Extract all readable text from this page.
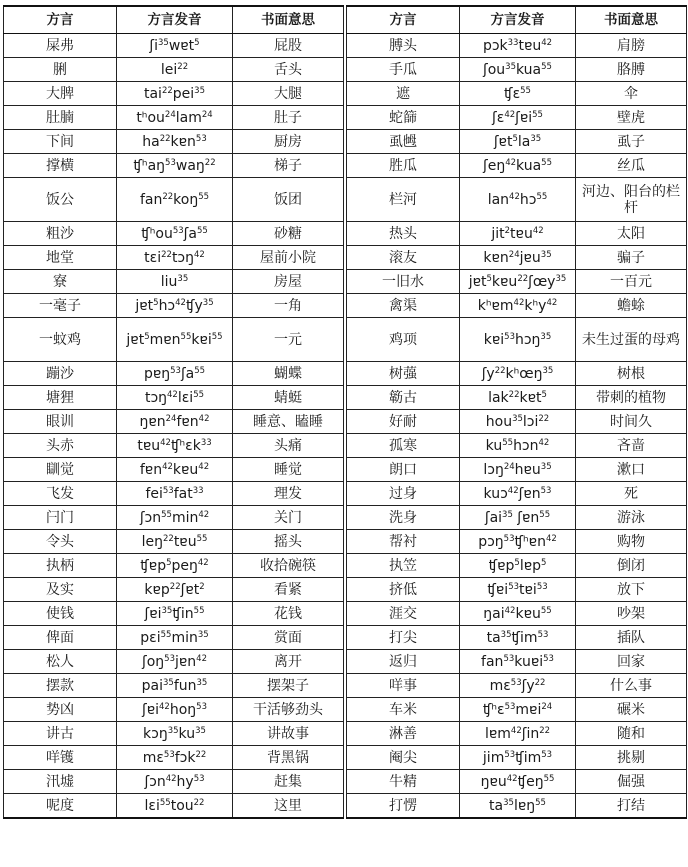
方言	方言发音	书面意思
屎弗	ʃi$^{35}$wɐt$^5$	屁股
脷	lei$^{22}$	舌头
大脾	tai$^{22}$pei$^{35}$	大腿
肚腩	tʰou$^{24}$lam$^{24}$	肚子
下间	$ha^{22}kɐn^{53}$	厨房
撑横	ʧʰaŋ$^{53}$waŋ$^{22}$	梯子
饭公	fan$^{22}$koŋ$^{55}$	饭团
粗沙	ʧʰou$^{53}$ʃa$^{55}$	砂糖
地堂	tɛi$^{22}$tɔŋ$^{42}$	屋前小院
寮	liu$^{35}$	房屋
一毫子	jɐt$^5$hɔ$^{42}$ʧy$^{35}$	一角
一蚊鸡	jɐt$^5$mɐn$^{55}$kɐi$^{55}$	一元
蹦沙	pɐŋ$^{53}$ʃa$^{55}$	蝴蝶
塘狸	tɔŋ$^{42}$lɛi$^{55}$	蜻蜓
眼训	ŋɐn$^{24}$fɐn$^{42}$	睡意、瞌睡
头赤	tɐu$^{42}$ʧʰɛk$^{33}$	头痛
瞓觉	fɐn$^{42}$kɐu$^{42}$	睡觉
飞发	fei$^{53}$fat$^{33}$	理发
闩门	$ʃɔn^{55}\min^{42}$	关门
令头	leŋ$^{22}$tɐu$^{55}$	摇头
执柄	ʧɐp$^5$peŋ$^{42}$	收拾碗筷
及实	kɐp$^{22}$ʃɐt$^2$	看紧
使钱	ʃɐi$^{35}$ʧin$^{55}$	花钱
俾面	$pɛi^{55}\min^{35}$	赏面
松人	ʃoŋ$^{53}$jɐn$^{42}$	离开
摆款	pai$^{35}$fun$^{35}$	摆架子
势凶	ʃɐi$^{42}$hoŋ$^{53}$	干活够劲头
讲古	$kɔŋ^{35}ku^{35}$	讲故事
咩镬	mɛ$^{53}$fɔk$^{22}$	背黑锅
汛墟	$ʃɔn^{42}hy^{53}$	赶集
呢度	lɛi$^{55}$tou$^{22}$	这里
方言	方言发音	书面意思
膊头	pɔk$^{33}$tɐu$^{42}$	肩膀
手瓜	ʃou$^{35}$kua$^{55}$	胳膊
遮	ʧɛ$^{55}$	伞
蛇篩	ʃɛ$^{42}$ʃɐi$^{55}$	壁虎
虱乸	$ʃɐt^5la^{35}$	虱子
胜瓜	ʃeŋ$^{42}$kua$^{55}$	丝瓜
栏河	lan$^{42}$hɔ$^{55}$	河边、阳台的栏杆
热头	jit$^2$tɐu$^{42}$	太阳
滚友	kɐn$^{24}$jɐu$^{35}$	骗子
一旧水	jɐt$^5$kɐu$^{22}$ʃœy$^{35}$	一百元
禽渠	kʰɐm$^{42}$kʰy$^{42}$	蟾蜍
鸡项	kɐi$^{53}$hɔŋ$^{35}$	未生过蛋的母鸡
树蔃	ʃy$^{22}$kʰœŋ$^{35}$	树根
簕古	lak$^{22}$kɐt$^5$	带刺的植物
好耐	hou$^{35}$lɔi$^{22}$	时间久
孤寒	$ku^{55}hɔn^{42}$	吝啬
朗口	lɔŋ$^{24}$hɐu$^{35}$	漱口
过身	kuɔ$^{42}$ʃɐn$^{53}$	死
洗身	ʃai$^{35}$ ʃɐn$^{55}$	游泳
帮衬	pɔŋ$^{53}$ʧʰɐn$^{42}$	购物
执笠	ʧɐp$^5$lɐp$^5$	倒闭
挤低	ʧɐi$^{53}$tɐi$^{53}$	放下
涯交	ŋai$^{42}$kɐu$^{55}$	吵架
打尖	$ta^{35}ʧim^{53}$	插队
返归	fan$^{53}$kuɐi$^{53}$	回家
咩事	mɛ$^{53}$ʃy$^{22}$	什么事
车米	ʧʰɛ$^{53}$mɐi$^{24}$	碾米
淋善	lɐm$^{42}$ʃin$^{22}$	随和
阉尖	jim$^{53}$ʧim$^{53}$	挑剔
牛精	ŋɐu$^{42}$ʧeŋ$^{55}$	倔强
打愣	$ta^{35}lɐŋ^{55}$	打结
